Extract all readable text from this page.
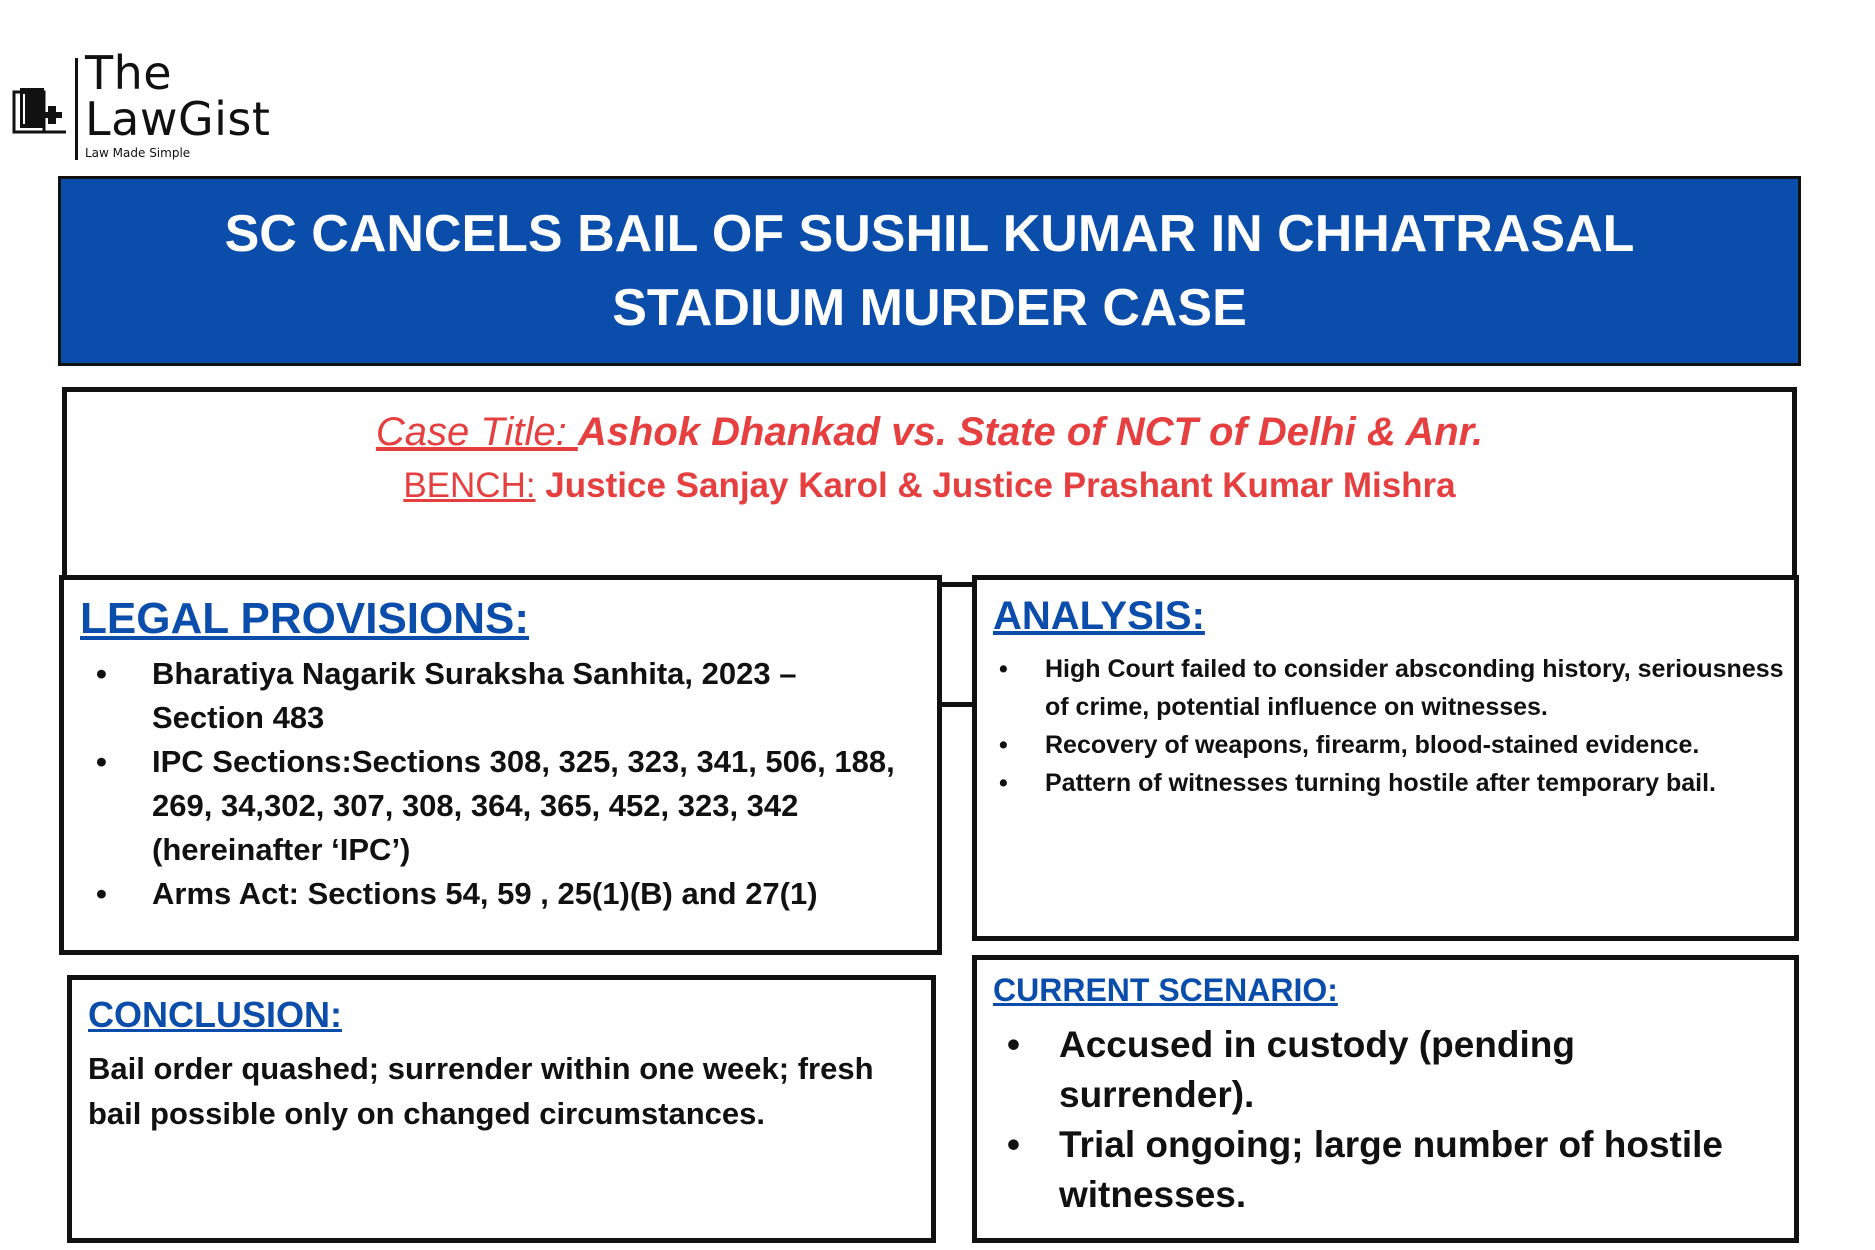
The
LawGist
Law Made Simple
SC CANCELS BAIL OF SUSHIL KUMAR IN CHHATRASAL STADIUM MURDER CASE
Case Title: Ashok Dhankad vs. State of NCT of Delhi & Anr.
BENCH: Justice Sanjay Karol & Justice Prashant Kumar Mishra
LEGAL PROVISIONS:
• Bharatiya Nagarik Suraksha Sanhita, 2023 – Section 483
• IPC Sections:Sections 308, 325, 323, 341, 506, 188, 269, 34,302, 307, 308, 364, 365, 452, 323, 342 (hereinafter ‘IPC’)
• Arms Act: Sections 54, 59 , 25(1)(B) and 27(1)
ANALYSIS:
• High Court failed to consider absconding history, seriousness of crime, potential influence on witnesses.
• Recovery of weapons, firearm, blood-stained evidence.
• Pattern of witnesses turning hostile after temporary bail.
CONCLUSION:

Bail order quashed; surrender within one week; fresh bail possible only on changed circumstances.

CURRENT SCENARIO:
• Accused in custody (pending surrender).
• Trial ongoing; large number of hostile witnesses.
